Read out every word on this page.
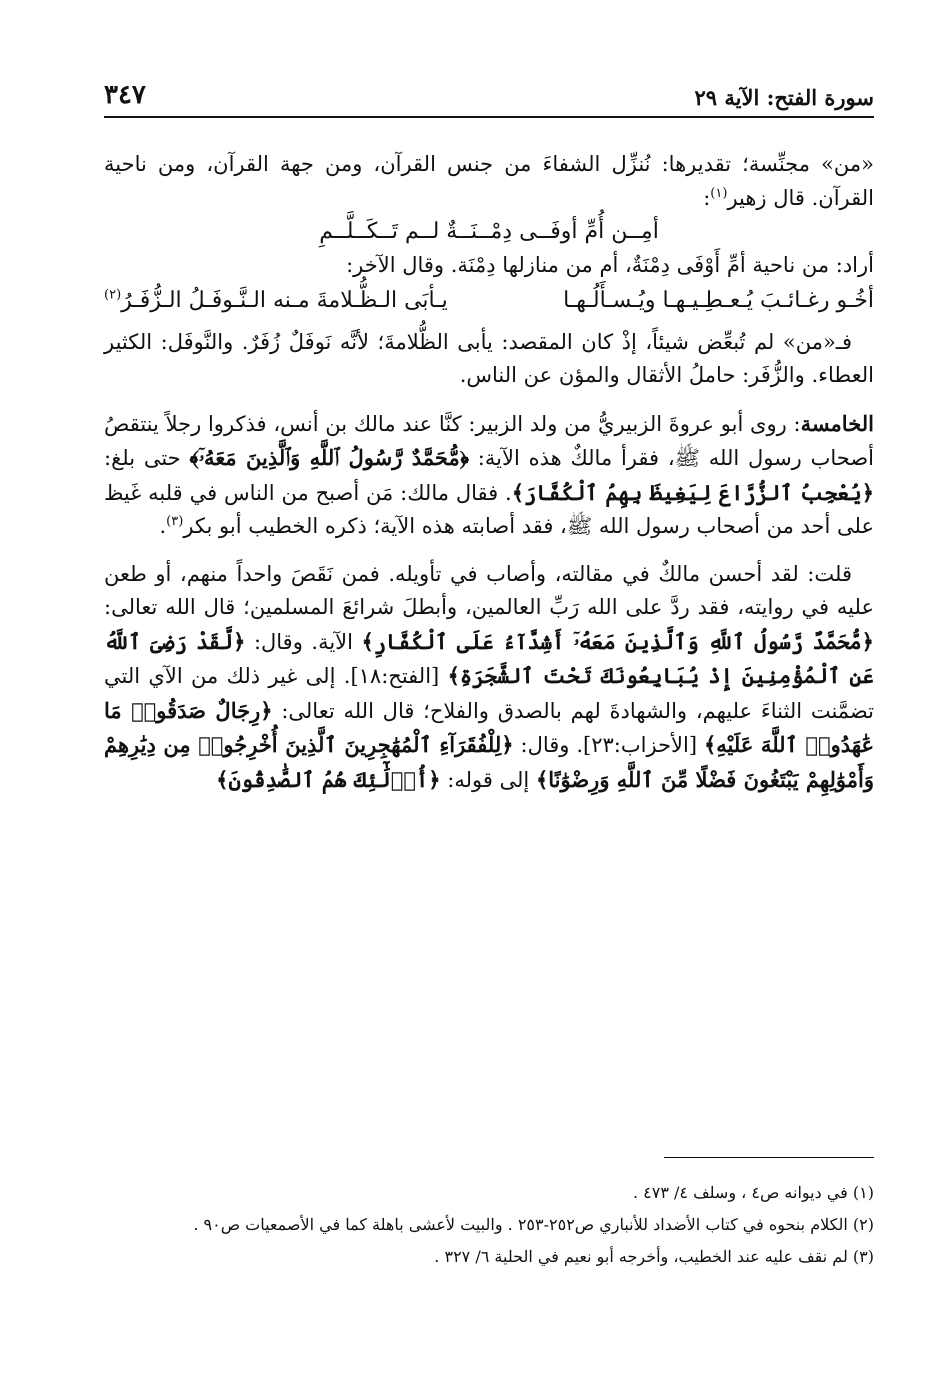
سورة الفتح: الآية ٢٩
٣٤٧

«من» مجنِّسة؛ تقديرها: نُنزِّل الشفاءَ من جنس القرآن، ومن جهة القرآن، ومن ناحية القرآن. قال زهير$^{(١)}$:

أمِــن أُمِّ أوفَــى دِمْــنَــةٌ لــم تَــكَــلَّــمِ

أراد: من ناحية أمِّ أَوْفَى دِمْنَةٌ، أم من منازلها دِمْنَة. وقال الآخر:

أخُـو رغـائـبَ يُـعـطِـيـهـا ويُـسـأَلُـهـا
يـأبَى الـظُّـلامةَ مـنه الـنَّـوفَـلُ الـزُّفَـرُ$^{(٢)}$

فـ«من» لم تُبعِّض شيئاً، إذْ كان المقصد: يأبى الظُّلامةَ؛ لأنَّه نَوفَلٌ زُفَرٌ. والنَّوفَل: الكثير العطاء. والزُّفَر: حاملُ الأثقال والمؤن عن الناس.

الخامسة: روى أبو عروةَ الزبيريُّ من ولد الزبير: كنَّا عند مالك بن أنس، فذكروا رجلاً ينتقصُ أصحاب رسول الله ﷺ، فقرأ مالكٌ هذه الآية: ﴿مُّحَمَّدٌ رَّسُولُ ٱللَّهِ وَٱلَّذِينَ مَعَهُۥٓ﴾ حتى بلغ: ﴿يُعْجِبُ ٱلزُّرَّاعَ لِيَغِيظَ بِهِمُ ٱلْكُفَّارَ﴾. فقال مالك: مَن أصبح من الناس في قلبه غَيظ على أحد من أصحاب رسول الله ﷺ، فقد أصابته هذه الآية؛ ذكره الخطيب أبو بكر$^{(٣)}$.

قلت: لقد أحسن مالكٌ في مقالته، وأصاب في تأويله. فمن نَقَصَ واحداً منهم، أو طعن عليه في روايته، فقد ردَّ على الله رَبِّ العالمين، وأبطلَ شرائعَ المسلمين؛ قال الله تعالى: ﴿مُّحَمَّدٌ رَّسُولُ ٱللَّهِ وَٱلَّذِينَ مَعَهُۥٓ أَشِدَّآءُ عَلَى ٱلْكُفَّارِ﴾ الآية. وقال: ﴿لَّقَدْ رَضِىَ ٱللَّهُ عَنِ ٱلْمُؤْمِنِينَ إِذْ يُبَايِعُونَكَ تَحْتَ ٱلشَّجَرَةِ﴾ [الفتح:١٨]. إلى غير ذلك من الآي التي تضمَّنت الثناءَ عليهم، والشهادةَ لهم بالصدق والفلاح؛ قال الله تعالى: ﴿رِجَالٌ صَدَقُوا۟ مَا عَٰهَدُوا۟ ٱللَّهَ عَلَيْهِ﴾ [الأحزاب:٢٣]. وقال: ﴿لِلْفُقَرَآءِ ٱلْمُهَٰجِرِينَ ٱلَّذِينَ أُخْرِجُوا۟ مِن دِيَٰرِهِمْ وَأَمْوَٰلِهِمْ يَبْتَغُونَ فَضْلًا مِّنَ ٱللَّهِ وَرِضْوَٰنًا﴾ إلى قوله: ﴿أُو۟لَٰٓئِكَ هُمُ ٱلصَّٰدِقُونَ﴾

(١) في ديوانه ص٤ ، وسلف ٤/ ٤٧٣ .

(٢) الكلام بنحوه في كتاب الأضداد للأنباري ص٢٥٢-٢٥٣ . والبيت لأعشى باهلة كما في الأصمعيات ص٩٠ .

(٣) لم نقف عليه عند الخطيب، وأخرجه أبو نعيم في الحلية ٦/ ٣٢٧ .
